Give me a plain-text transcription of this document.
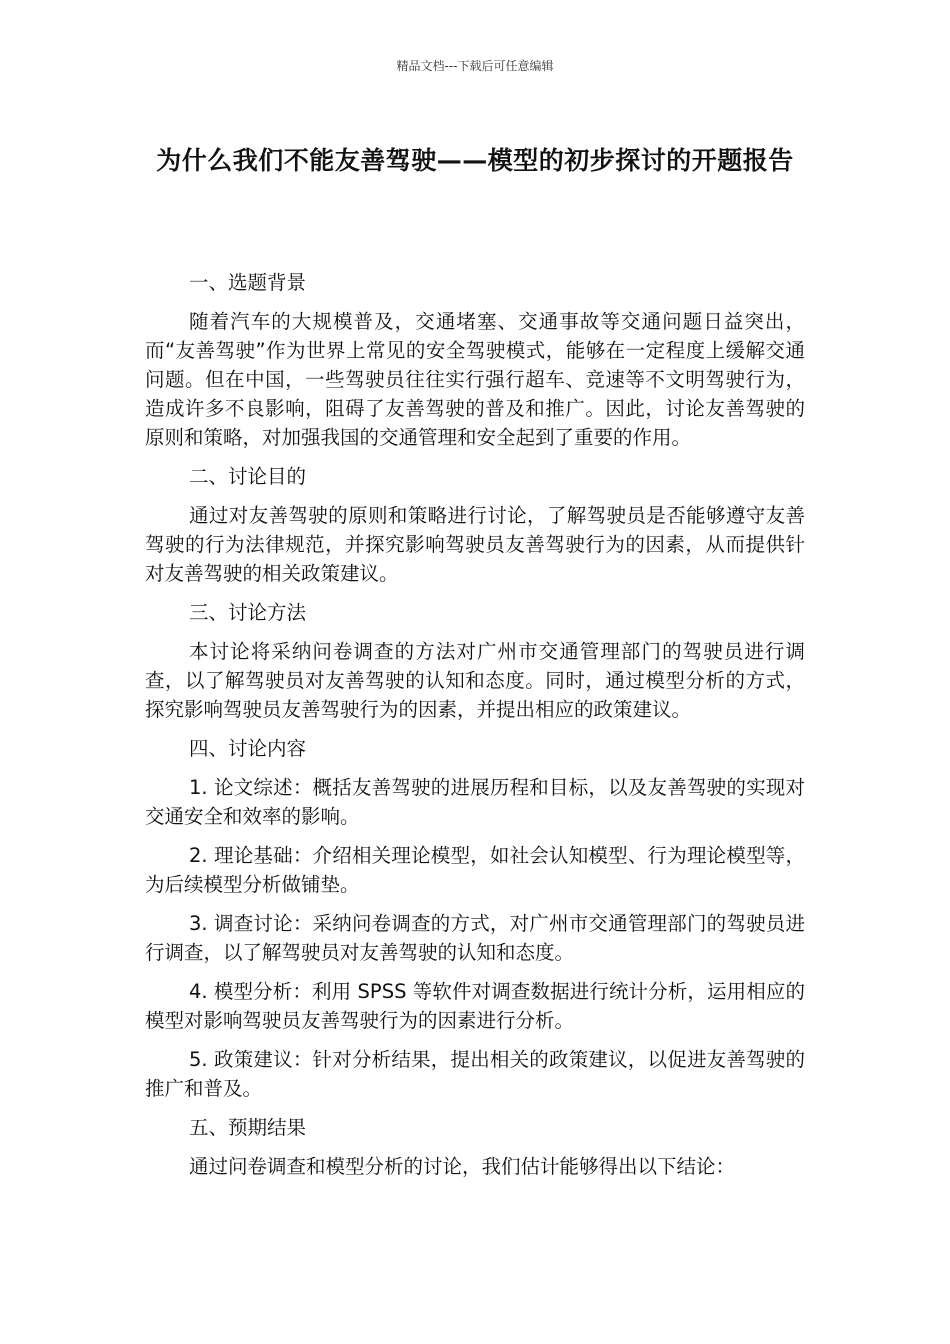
精品文档---下载后可任意编辑
为什么我们不能友善驾驶——模型的初步探讨的开题报告

一、选题背景

随着汽车的大规模普及，交通堵塞、交通事故等交通问题日益突出，而“友善驾驶”作为世界上常见的安全驾驶模式，能够在一定程度上缓解交通问题。但在中国，一些驾驶员往往实行强行超车、竞速等不文明驾驶行为，造成许多不良影响，阻碍了友善驾驶的普及和推广。因此，讨论友善驾驶的原则和策略，对加强我国的交通管理和安全起到了重要的作用。

二、讨论目的

通过对友善驾驶的原则和策略进行讨论，了解驾驶员是否能够遵守友善驾驶的行为法律规范，并探究影响驾驶员友善驾驶行为的因素，从而提供针对友善驾驶的相关政策建议。

三、讨论方法

本讨论将采纳问卷调查的方法对广州市交通管理部门的驾驶员进行调查，以了解驾驶员对友善驾驶的认知和态度。同时，通过模型分析的方式，探究影响驾驶员友善驾驶行为的因素，并提出相应的政策建议。

四、讨论内容

1. 论文综述：概括友善驾驶的进展历程和目标，以及友善驾驶的实现对交通安全和效率的影响。

2. 理论基础：介绍相关理论模型，如社会认知模型、行为理论模型等，为后续模型分析做铺垫。

3. 调查讨论：采纳问卷调查的方式，对广州市交通管理部门的驾驶员进行调查，以了解驾驶员对友善驾驶的认知和态度。

4. 模型分析：利用 SPSS 等软件对调查数据进行统计分析，运用相应的模型对影响驾驶员友善驾驶行为的因素进行分析。

5. 政策建议：针对分析结果，提出相关的政策建议，以促进友善驾驶的推广和普及。

五、预期结果

通过问卷调查和模型分析的讨论，我们估计能够得出以下结论：
